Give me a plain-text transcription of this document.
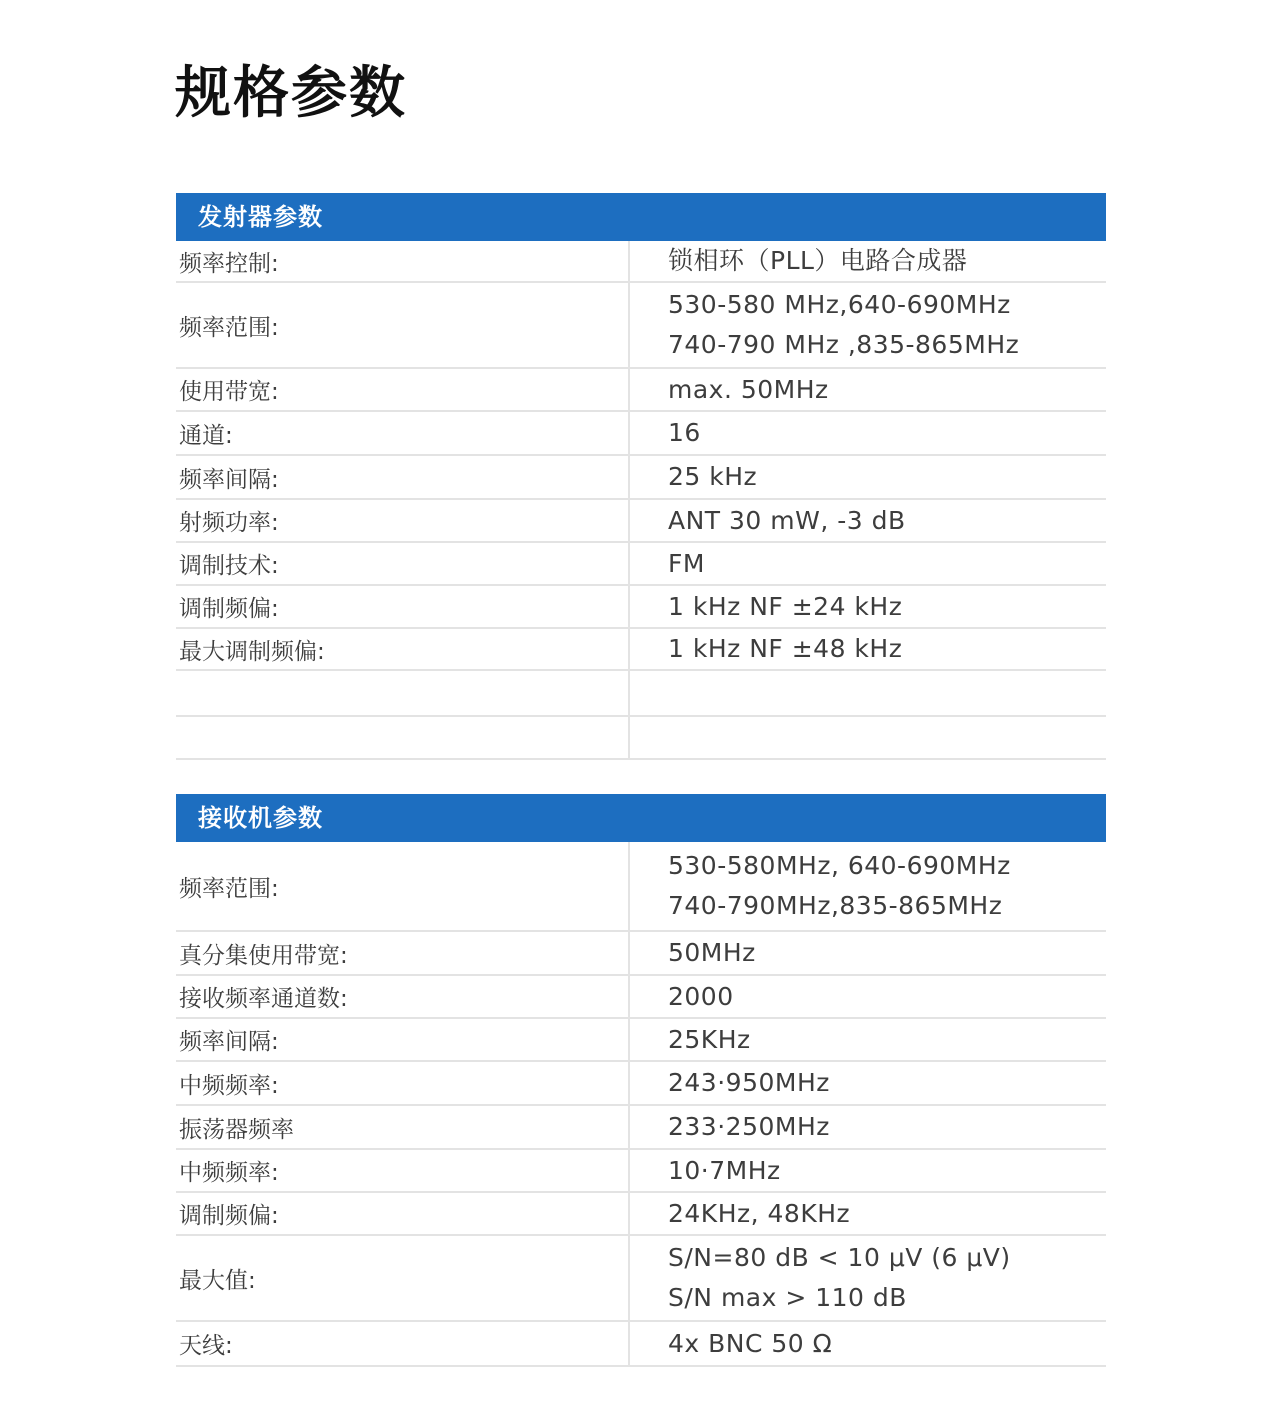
规格参数
发射器参数
频率控制:	锁相环（PLL）电路合成器

频率范围:	530-580 MHz,640-690MHz
740-790 MHz ,835-865MHz

使用带宽:	max. 50MHz

通道:	16

频率间隔:	25 kHz

射频功率:	ANT 30 mW, -3 dB

调制技术:	FM

调制频偏:	1 kHz NF ±24 kHz

最大调制频偏:	1 kHz NF ±48 kHz

接收机参数
频率范围:	530-580MHz, 640-690MHz
740-790MHz,835-865MHz

真分集使用带宽:	50MHz

接收频率通道数:	2000

频率间隔:	25KHz

中频频率:	243·950MHz

振荡器频率	233·250MHz

中频频率:	10·7MHz

调制频偏:	24KHz, 48KHz

最大值:	S/N=80 dB < 10 μV (6 μV)
S/N max > 110 dB

天线:	4x BNC 50 Ω
